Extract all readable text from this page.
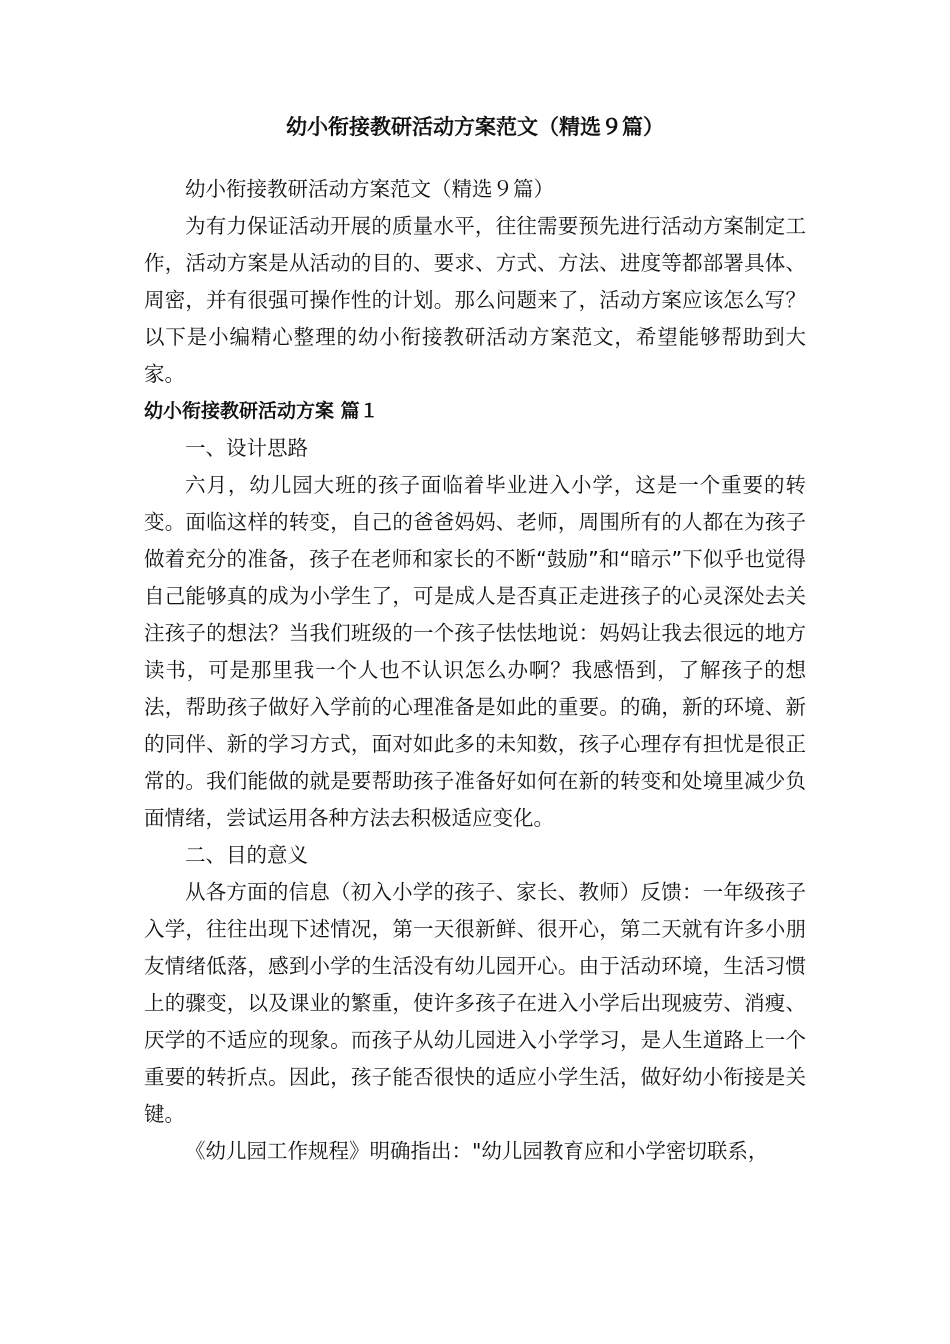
幼小衔接教研活动方案范文（精选９篇）

幼小衔接教研活动方案范文（精选９篇）

为有力保证活动开展的质量水平，往往需要预先进行活动方案制定工作，活动方案是从活动的目的、要求、方式、方法、进度等都部署具体、周密，并有很强可操作性的计划。那么问题来了，活动方案应该怎么写？以下是小编精心整理的幼小衔接教研活动方案范文，希望能够帮助到大家。

幼小衔接教研活动方案 篇１

一、设计思路

六月，幼儿园大班的孩子面临着毕业进入小学，这是一个重要的转变。面临这样的转变，自己的爸爸妈妈、老师，周围所有的人都在为孩子做着充分的准备，孩子在老师和家长的不断“鼓励”和“暗示”下似乎也觉得自己能够真的成为小学生了，可是成人是否真正走进孩子的心灵深处去关注孩子的想法？当我们班级的一个孩子怯怯地说：妈妈让我去很远的地方读书，可是那里我一个人也不认识怎么办啊？我感悟到，了解孩子的想法，帮助孩子做好入学前的心理准备是如此的重要。的确，新的环境、新的同伴、新的学习方式，面对如此多的未知数，孩子心理存有担忧是很正常的。我们能做的就是要帮助孩子准备好如何在新的转变和处境里减少负面情绪，尝试运用各种方法去积极适应变化。

二、目的意义

从各方面的信息（初入小学的孩子、家长、教师）反馈：一年级孩子入学，往往出现下述情况，第一天很新鲜、很开心，第二天就有许多小朋友情绪低落，感到小学的生活没有幼儿园开心。由于活动环境，生活习惯上的骤变，以及课业的繁重，使许多孩子在进入小学后出现疲劳、消瘦、厌学的不适应的现象。而孩子从幼儿园进入小学学习，是人生道路上一个重要的转折点。因此，孩子能否很快的适应小学生活，做好幼小衔接是关键。

《幼儿园工作规程》明确指出："幼儿园教育应和小学密切联系，
